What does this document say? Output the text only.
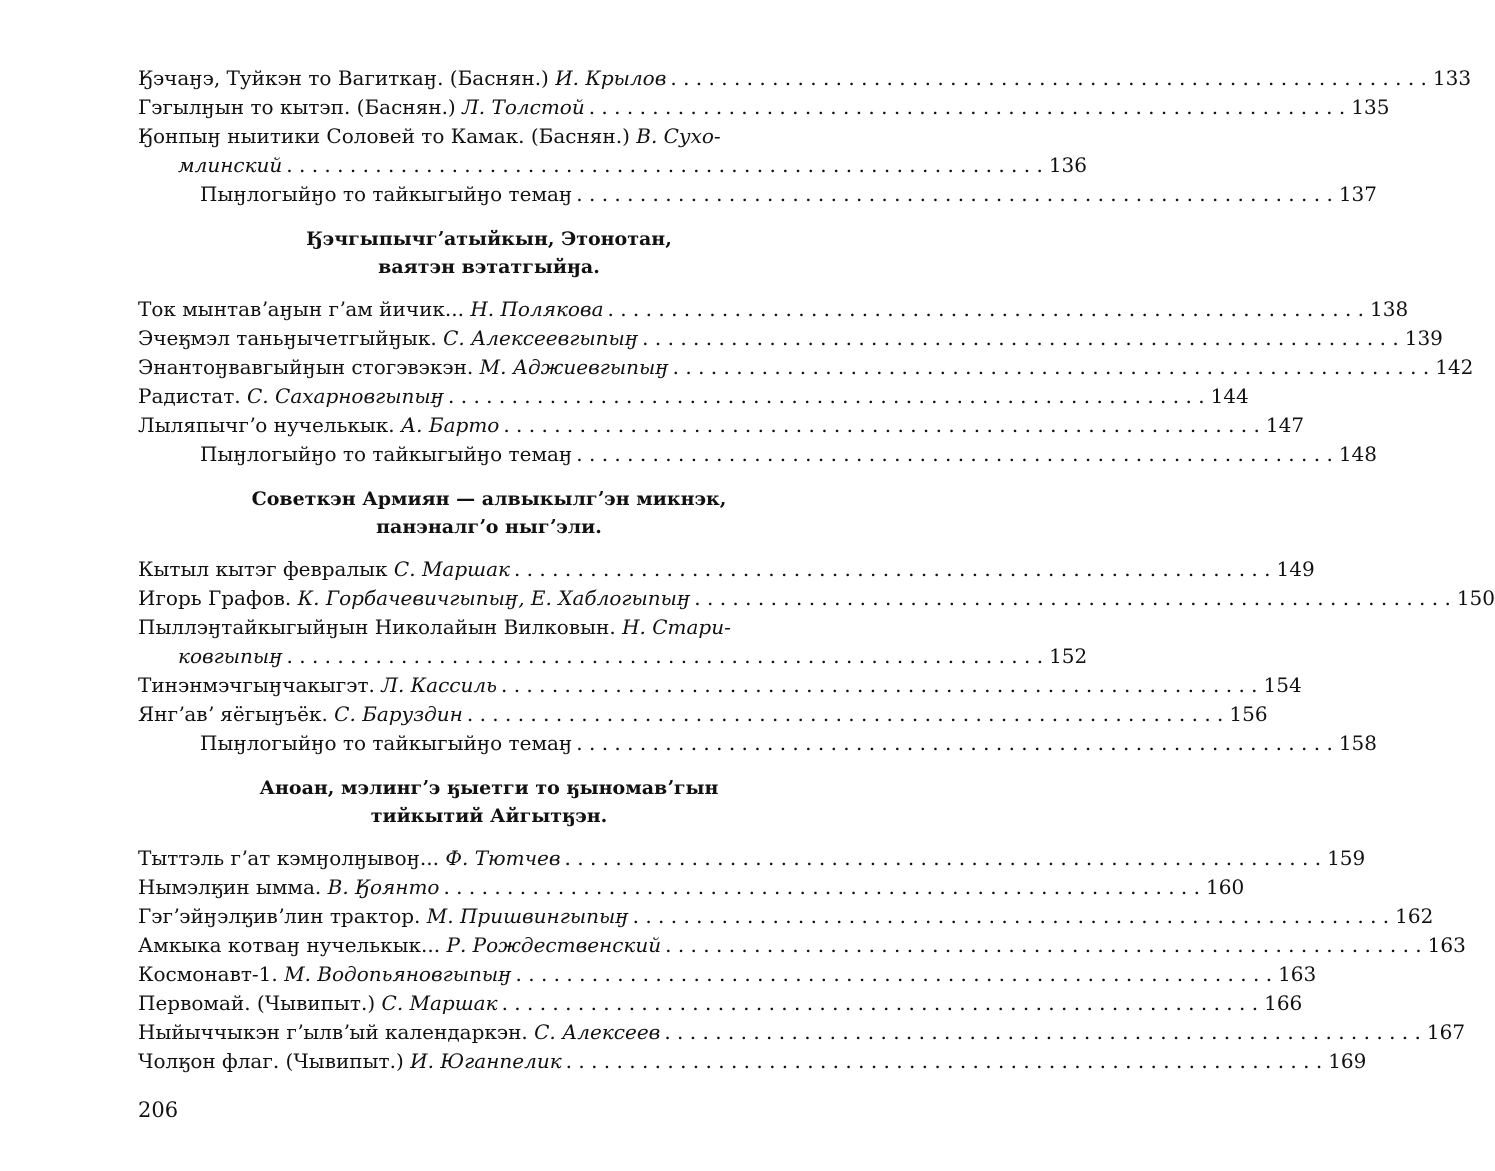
Ӄэчаӈэ, Туйкэн то Вагиткаӈ. (Баснян.) И. Крылов . . . . . . . . . . . . . . . . . . . . . . . . . . . . . . . . . . . . . . . . . . . . . . . . . . . . . . . . . . . . 133
Гэгылӈын то кытэп. (Баснян.) Л. Толстой . . . . . . . . . . . . . . . . . . . . . . . . . . . . . . . . . . . . . . . . . . . . . . . . . . . . . . . . . . . . 135
Ӄонпыӈ ныитики Соловей то Камак. (Баснян.) В. Сухо-
млинский . . . . . . . . . . . . . . . . . . . . . . . . . . . . . . . . . . . . . . . . . . . . . . . . . . . . . . . . . . . . 136
Пыӈлогыйӈо то тайкыгыйӈо темаӈ . . . . . . . . . . . . . . . . . . . . . . . . . . . . . . . . . . . . . . . . . . . . . . . . . . . . . . . . . . . . 137
Ӄэчгыпычгʼатыйкын, Этонотан,
ваятэн вэтатгыйӈа.
Ток мынтавʼаӈын гʼам йичик... Н. Полякова . . . . . . . . . . . . . . . . . . . . . . . . . . . . . . . . . . . . . . . . . . . . . . . . . . . . . . . . . . . . 138
Эчеӄмэл таньӈычетгыйӈык. С. Алексеевгыпыӈ . . . . . . . . . . . . . . . . . . . . . . . . . . . . . . . . . . . . . . . . . . . . . . . . . . . . . . . . . . . . 139
Энантоӈвавгыйӈын стогэвэкэн. М. Аджиевгыпыӈ . . . . . . . . . . . . . . . . . . . . . . . . . . . . . . . . . . . . . . . . . . . . . . . . . . . . . . . . . . . . 142
Радистат. С. Сахарновгыпыӈ . . . . . . . . . . . . . . . . . . . . . . . . . . . . . . . . . . . . . . . . . . . . . . . . . . . . . . . . . . . . 144
Лыляпычгʼо нучелькык. А. Барто . . . . . . . . . . . . . . . . . . . . . . . . . . . . . . . . . . . . . . . . . . . . . . . . . . . . . . . . . . . . 147
Пыӈлогыйӈо то тайкыгыйӈо темаӈ . . . . . . . . . . . . . . . . . . . . . . . . . . . . . . . . . . . . . . . . . . . . . . . . . . . . . . . . . . . . 148
Советкэн Армиян — алвыкылгʼэн микнэк,
панэналгʼо ныгʼэли.
Кытыл кытэг февралык С. Маршак . . . . . . . . . . . . . . . . . . . . . . . . . . . . . . . . . . . . . . . . . . . . . . . . . . . . . . . . . . . . 149
Игорь Графов. К. Горбачевичгыпыӈ, Е. Хаблогыпыӈ . . . . . . . . . . . . . . . . . . . . . . . . . . . . . . . . . . . . . . . . . . . . . . . . . . . . . . . . . . . . 150
Пыллэӈтайкыгыйӈын Николайын Вилковын. Н. Стари-
ковгыпыӈ . . . . . . . . . . . . . . . . . . . . . . . . . . . . . . . . . . . . . . . . . . . . . . . . . . . . . . . . . . . . 152
Тинэнмэчгыӈчакыгэт. Л. Кассиль . . . . . . . . . . . . . . . . . . . . . . . . . . . . . . . . . . . . . . . . . . . . . . . . . . . . . . . . . . . . 154
Янгʼавʼ яёгыӈъёк. С. Баруздин . . . . . . . . . . . . . . . . . . . . . . . . . . . . . . . . . . . . . . . . . . . . . . . . . . . . . . . . . . . . 156
Пыӈлогыйӈо то тайкыгыйӈо темаӈ . . . . . . . . . . . . . . . . . . . . . . . . . . . . . . . . . . . . . . . . . . . . . . . . . . . . . . . . . . . . 158
Аноан, мэлингʼэ ӄыетги то ӄыномавʼгын
тийкытий Айгытӄэн.
Тыттэль гʼат кэмӈолӈывоӈ... Ф. Тютчев . . . . . . . . . . . . . . . . . . . . . . . . . . . . . . . . . . . . . . . . . . . . . . . . . . . . . . . . . . . . 159
Нымэлӄин ымма. В. Ӄоянто . . . . . . . . . . . . . . . . . . . . . . . . . . . . . . . . . . . . . . . . . . . . . . . . . . . . . . . . . . . . 160
Гэгʼэйӈэлӄивʼлин трактор. М. Пришвингыпыӈ . . . . . . . . . . . . . . . . . . . . . . . . . . . . . . . . . . . . . . . . . . . . . . . . . . . . . . . . . . . . 162
Амкыка котваӈ нучелькык... Р. Рождественский . . . . . . . . . . . . . . . . . . . . . . . . . . . . . . . . . . . . . . . . . . . . . . . . . . . . . . . . . . . . 163
Космонавт-1. М. Водопьяновгыпыӈ . . . . . . . . . . . . . . . . . . . . . . . . . . . . . . . . . . . . . . . . . . . . . . . . . . . . . . . . . . . . 163
Первомай. (Чывипыт.) С. Маршак . . . . . . . . . . . . . . . . . . . . . . . . . . . . . . . . . . . . . . . . . . . . . . . . . . . . . . . . . . . . 166
Ныйыччыкэн гʼылвʼый календаркэн. С. Алексеев . . . . . . . . . . . . . . . . . . . . . . . . . . . . . . . . . . . . . . . . . . . . . . . . . . . . . . . . . . . . 167
Чолӄон флаг. (Чывипыт.) И. Юганпелик . . . . . . . . . . . . . . . . . . . . . . . . . . . . . . . . . . . . . . . . . . . . . . . . . . . . . . . . . . . . 169
206
